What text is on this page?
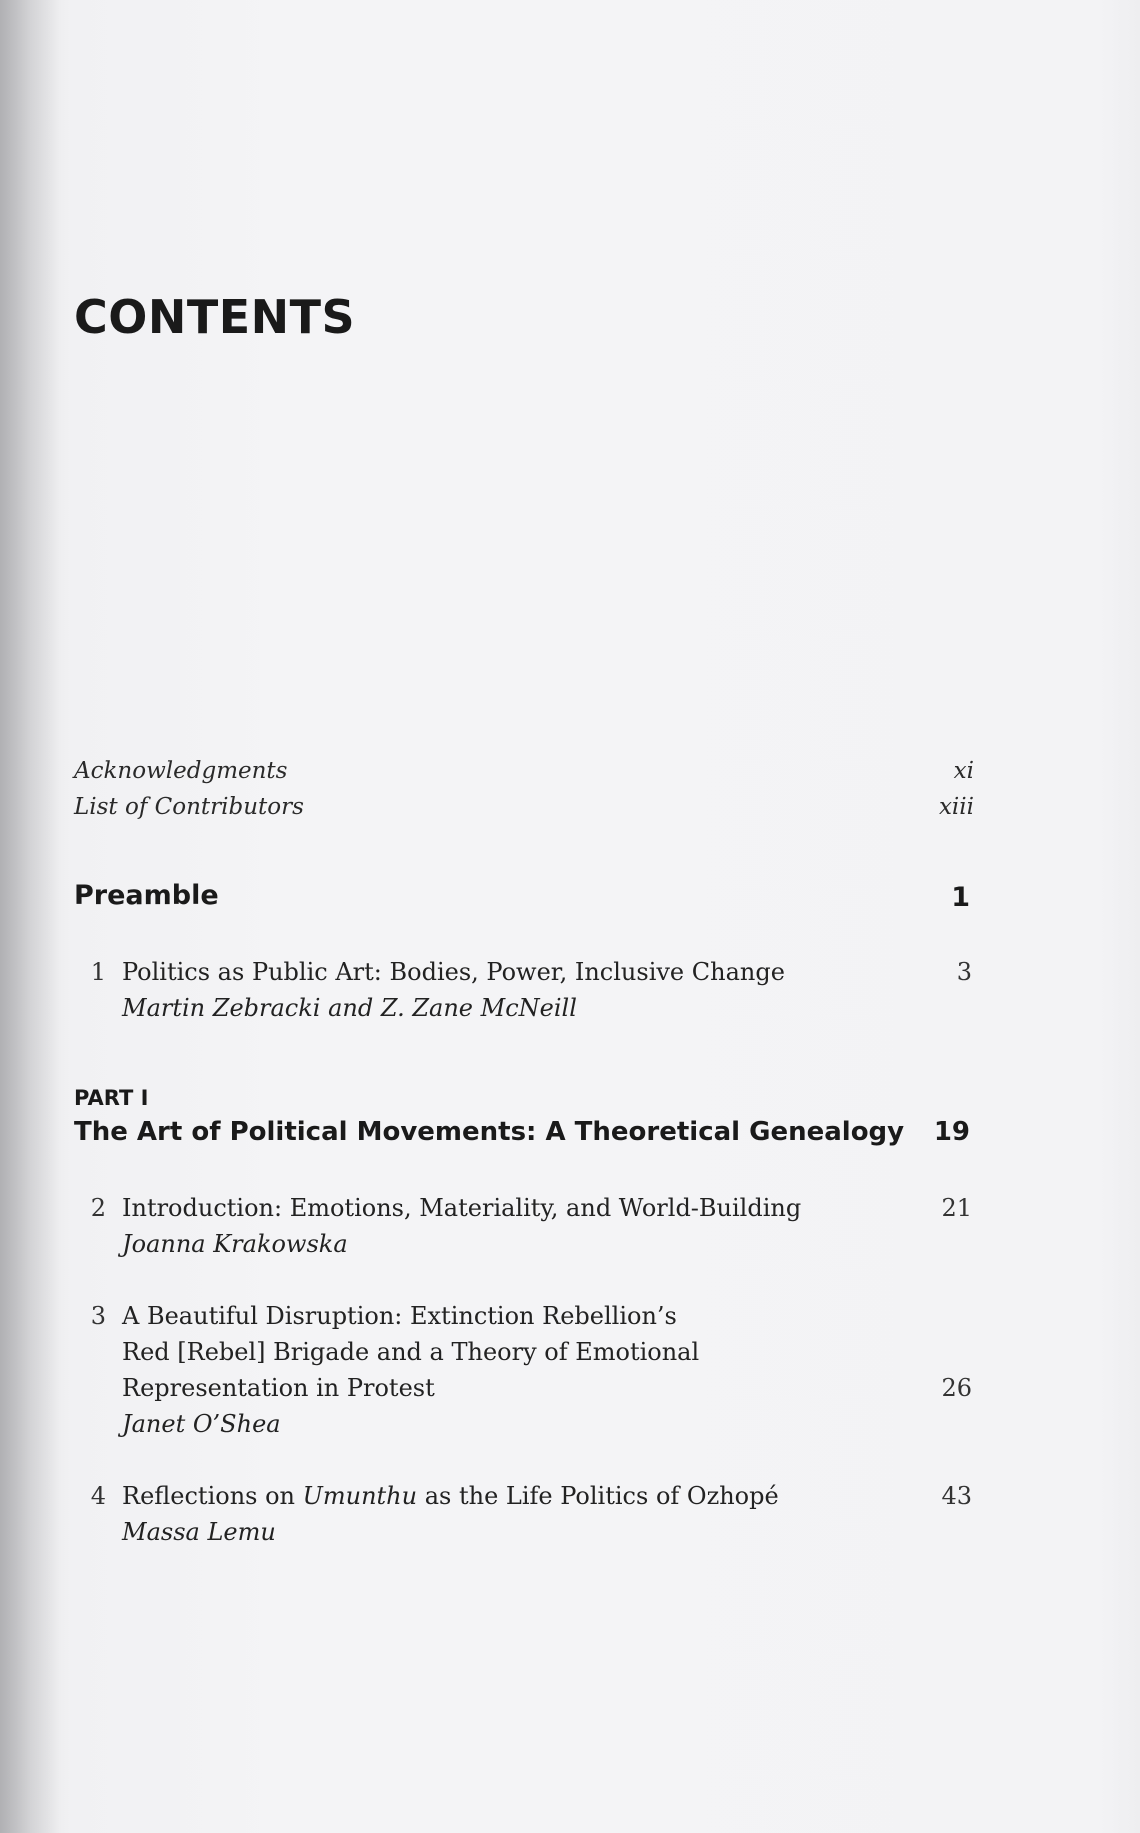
CONTENTS
Acknowledgments	xi
List of Contributors	xiii
Preamble	1
1 Politics as Public Art: Bodies, Power, Inclusive Change	3
Martin Zebracki and Z. Zane McNeill
PART I
The Art of Political Movements: A Theoretical Genealogy	19
2 Introduction: Emotions, Materiality, and World-Building	21
Joanna Krakowska
3 A Beautiful Disruption: Extinction Rebellion’s
Red [Rebel] Brigade and a Theory of Emotional
Representation in Protest	26
Janet O’Shea
4 Reflections on Umunthu as the Life Politics of Ozhopé	43
Massa Lemu
